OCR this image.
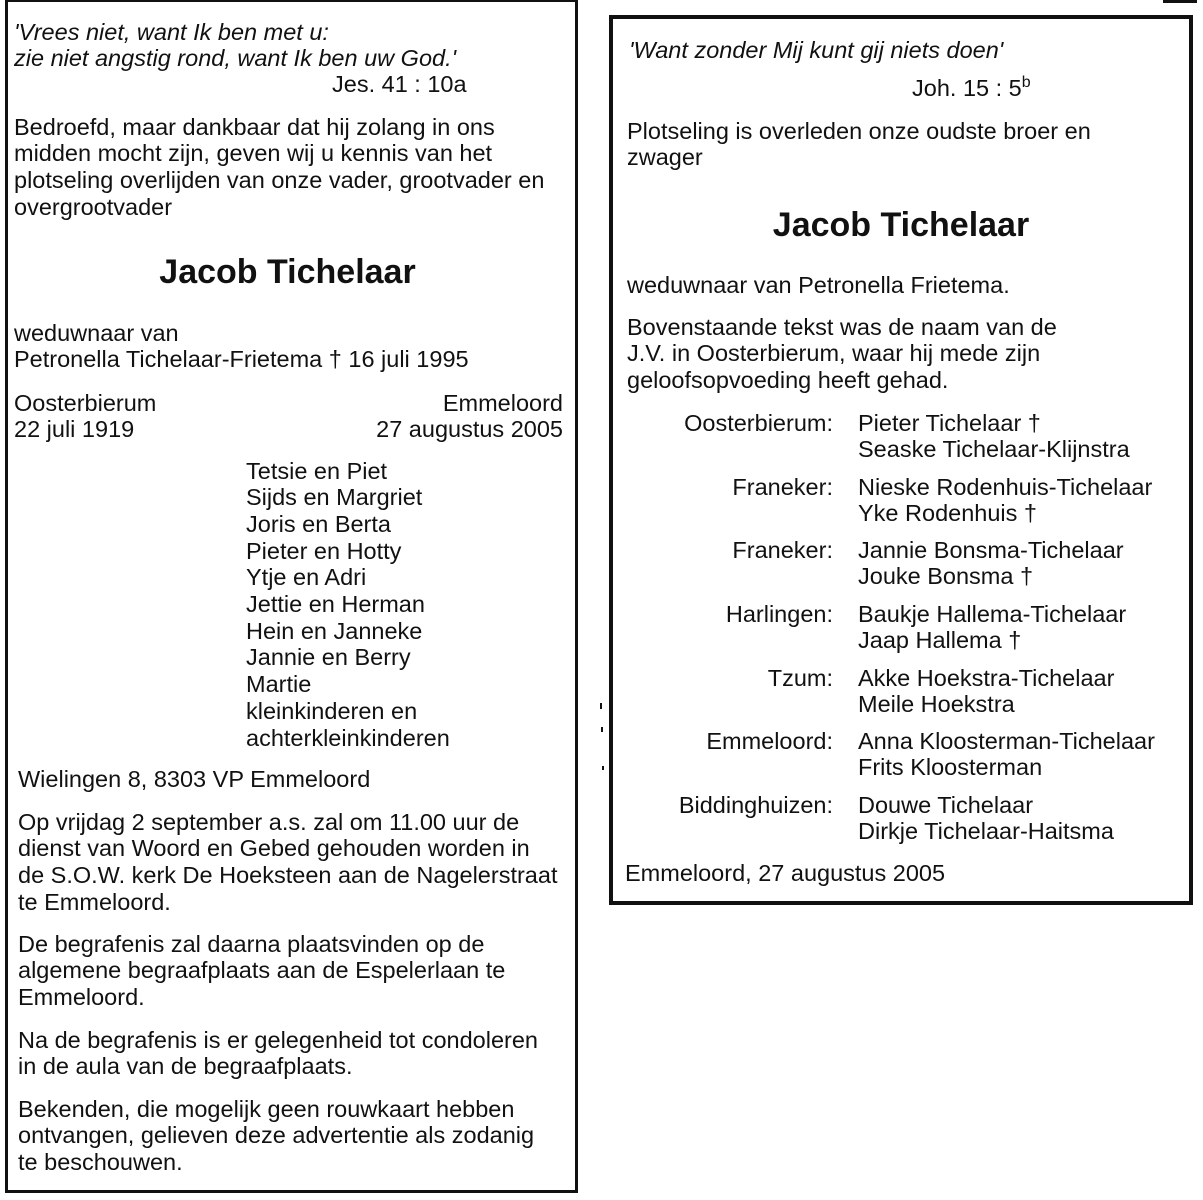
'Vrees niet, want Ik ben met u:
zie niet angstig rond, want Ik ben uw God.'
Jes. 41 : 10a
Bedroefd, maar dankbaar dat hij zolang in ons
midden mocht zijn, geven wij u kennis van het
plotseling overlijden van onze vader, grootvader en
overgrootvader
Jacob Tichelaar
weduwnaar van
Petronella Tichelaar-Frietema † 16 juli 1995
Oosterbierum	Emmeloord
22 juli 1919	27 augustus 2005
Tetsie en Piet
Sijds en Margriet
Joris en Berta
Pieter en Hotty
Ytje en Adri
Jettie en Herman
Hein en Janneke
Jannie en Berry
Martie
kleinkinderen en
achterkleinkinderen
Wielingen 8, 8303 VP Emmeloord
Op vrijdag 2 september a.s. zal om 11.00 uur de
dienst van Woord en Gebed gehouden worden in
de S.O.W. kerk De Hoeksteen aan de Nagelerstraat
te Emmeloord.
De begrafenis zal daarna plaatsvinden op de
algemene begraafplaats aan de Espelerlaan te
Emmeloord.
Na de begrafenis is er gelegenheid tot condoleren
in de aula van de begraafplaats.
Bekenden, die mogelijk geen rouwkaart hebben
ontvangen, gelieven deze advertentie als zodanig
te beschouwen.
'Want zonder Mij kunt gij niets doen'
Joh. 15 : 5$^b$
Plotseling is overleden onze oudste broer en
zwager
Jacob Tichelaar
weduwnaar van Petronella Frietema.
Bovenstaande tekst was de naam van de
J.V. in Oosterbierum, waar hij mede zijn
geloofsopvoeding heeft gehad.
Oosterbierum: Pieter Tichelaar †
Seaske Tichelaar-Klijnstra
Franeker: Nieske Rodenhuis-Tichelaar
Yke Rodenhuis †
Franeker: Jannie Bonsma-Tichelaar
Jouke Bonsma †
Harlingen: Baukje Hallema-Tichelaar
Jaap Hallema †
Tzum: Akke Hoekstra-Tichelaar
Meile Hoekstra
Emmeloord: Anna Kloosterman-Tichelaar
Frits Kloosterman
Biddinghuizen: Douwe Tichelaar
Dirkje Tichelaar-Haitsma
Emmeloord, 27 augustus 2005
